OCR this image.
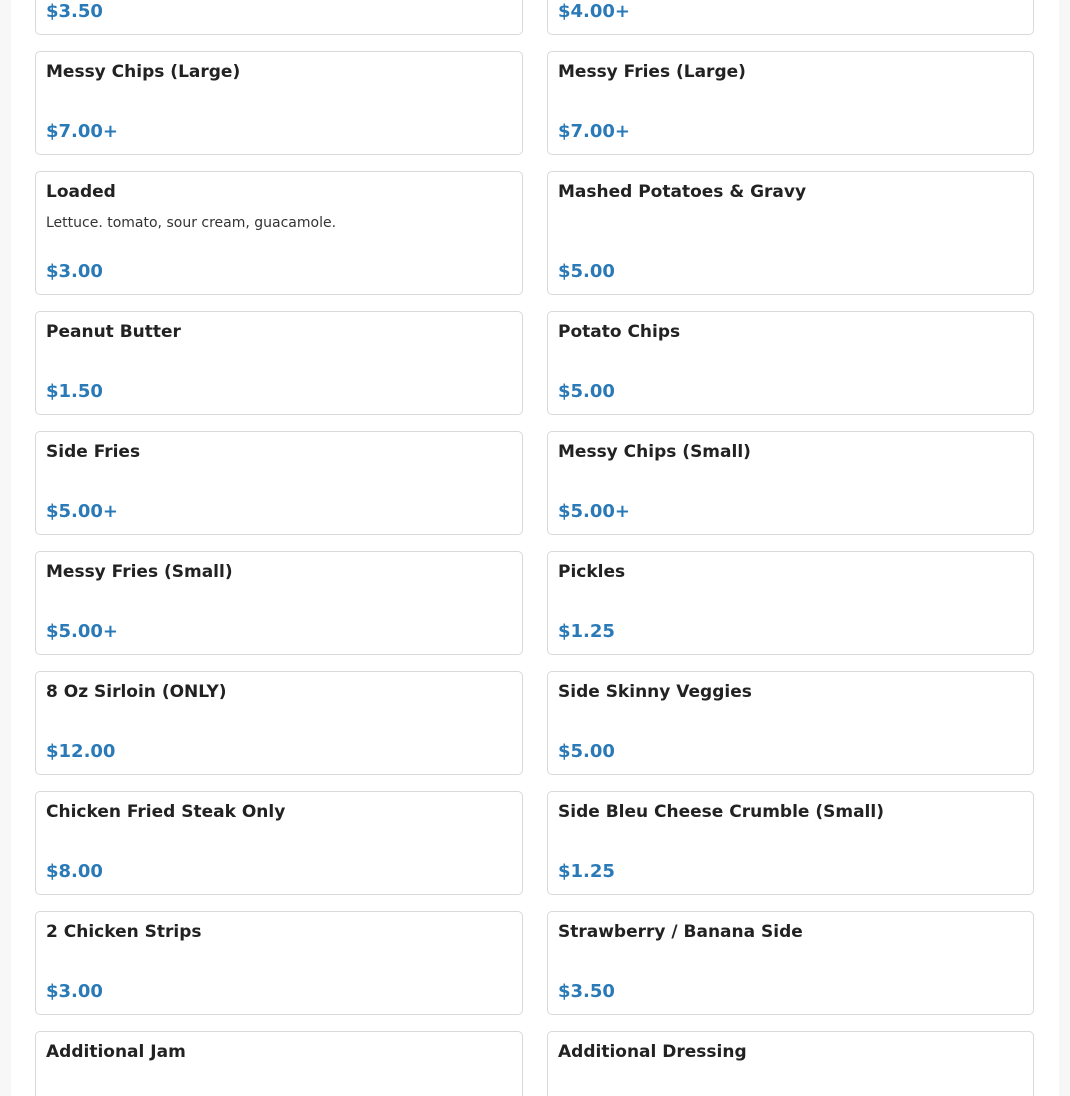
$3.50	$4.00+
Messy Chips (Large)
$7.00+
Messy Fries (Large)
$7.00+
Loaded
Lettuce. tomato, sour cream, guacamole.
$3.00
Mashed Potatoes & Gravy
$5.00
Peanut Butter
$1.50
Potato Chips
$5.00
Side Fries
$5.00+
Messy Chips (Small)
$5.00+
Messy Fries (Small)
$5.00+
Pickles
$1.25
8 Oz Sirloin (ONLY)
$12.00
Side Skinny Veggies
$5.00
Chicken Fried Steak Only
$8.00
Side Bleu Cheese Crumble (Small)
$1.25
2 Chicken Strips
$3.00
Strawberry / Banana Side
$3.50
Additional Jam	Additional Dressing
